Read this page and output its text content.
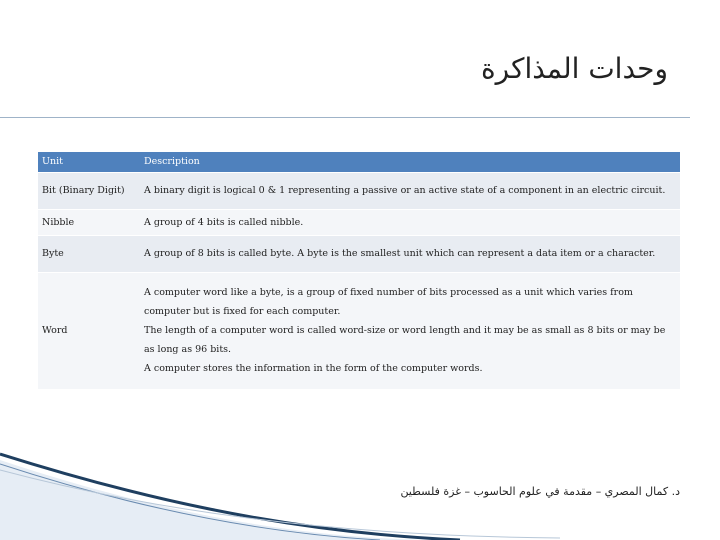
وحدات المذاكرة
Unit	Description
Bit (Binary Digit)	A binary digit is logical 0 & 1 representing a passive or an active state of a component in an electric circuit.

Nibble	A group of 4 bits is called nibble.

Byte	A group of 8 bits is called byte. A byte is the smallest unit which can represent a data item or a character.

Word	A computer word like a byte, is a group of fixed number of bits processed as a unit which varies from computer but is fixed for each computer.

The length of a computer word is called word-size or word length and it may be as small as 8 bits or may be as long as 96 bits.

A computer stores the information in the form of the computer words.

د. كمال المصري – مقدمة في علوم الحاسوب – غزة فلسطين
